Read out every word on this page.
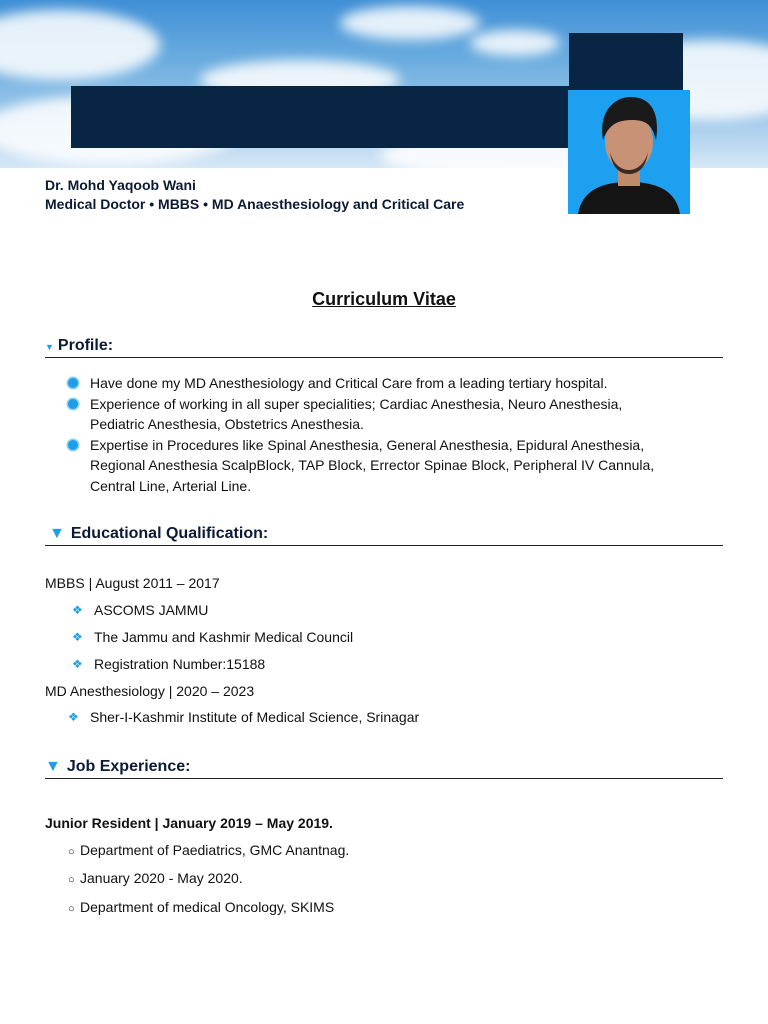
Dr. Mohd Yaqoob Wani
Medical Doctor • MBBS • MD Anaesthesiology and Critical Care
Curriculum Vitae
▼ Profile:
Have done my MD Anesthesiology and Critical Care from a leading tertiary hospital.
Experience of working in all super specialities; Cardiac Anesthesia, Neuro Anesthesia,
Pediatric Anesthesia, Obstetrics Anesthesia.
Expertise in Procedures like Spinal Anesthesia, General Anesthesia, Epidural Anesthesia,
Regional Anesthesia ScalpBlock, TAP Block, Errector Spinae Block, Peripheral IV Cannula,
Central Line, Arterial Line.
▼ Educational Qualification:
MBBS | August 2011 – 2017
❖ ASCOMS JAMMU
❖ The Jammu and Kashmir Medical Council
❖ Registration Number:15188
MD Anesthesiology | 2020 – 2023
❖ Sher-I-Kashmir Institute of Medical Science, Srinagar
▼ Job Experience:
Junior Resident | January 2019 – May 2019.
○ Department of Paediatrics, GMC Anantnag.
○ January 2020 - May 2020.
○ Department of medical Oncology, SKIMS
